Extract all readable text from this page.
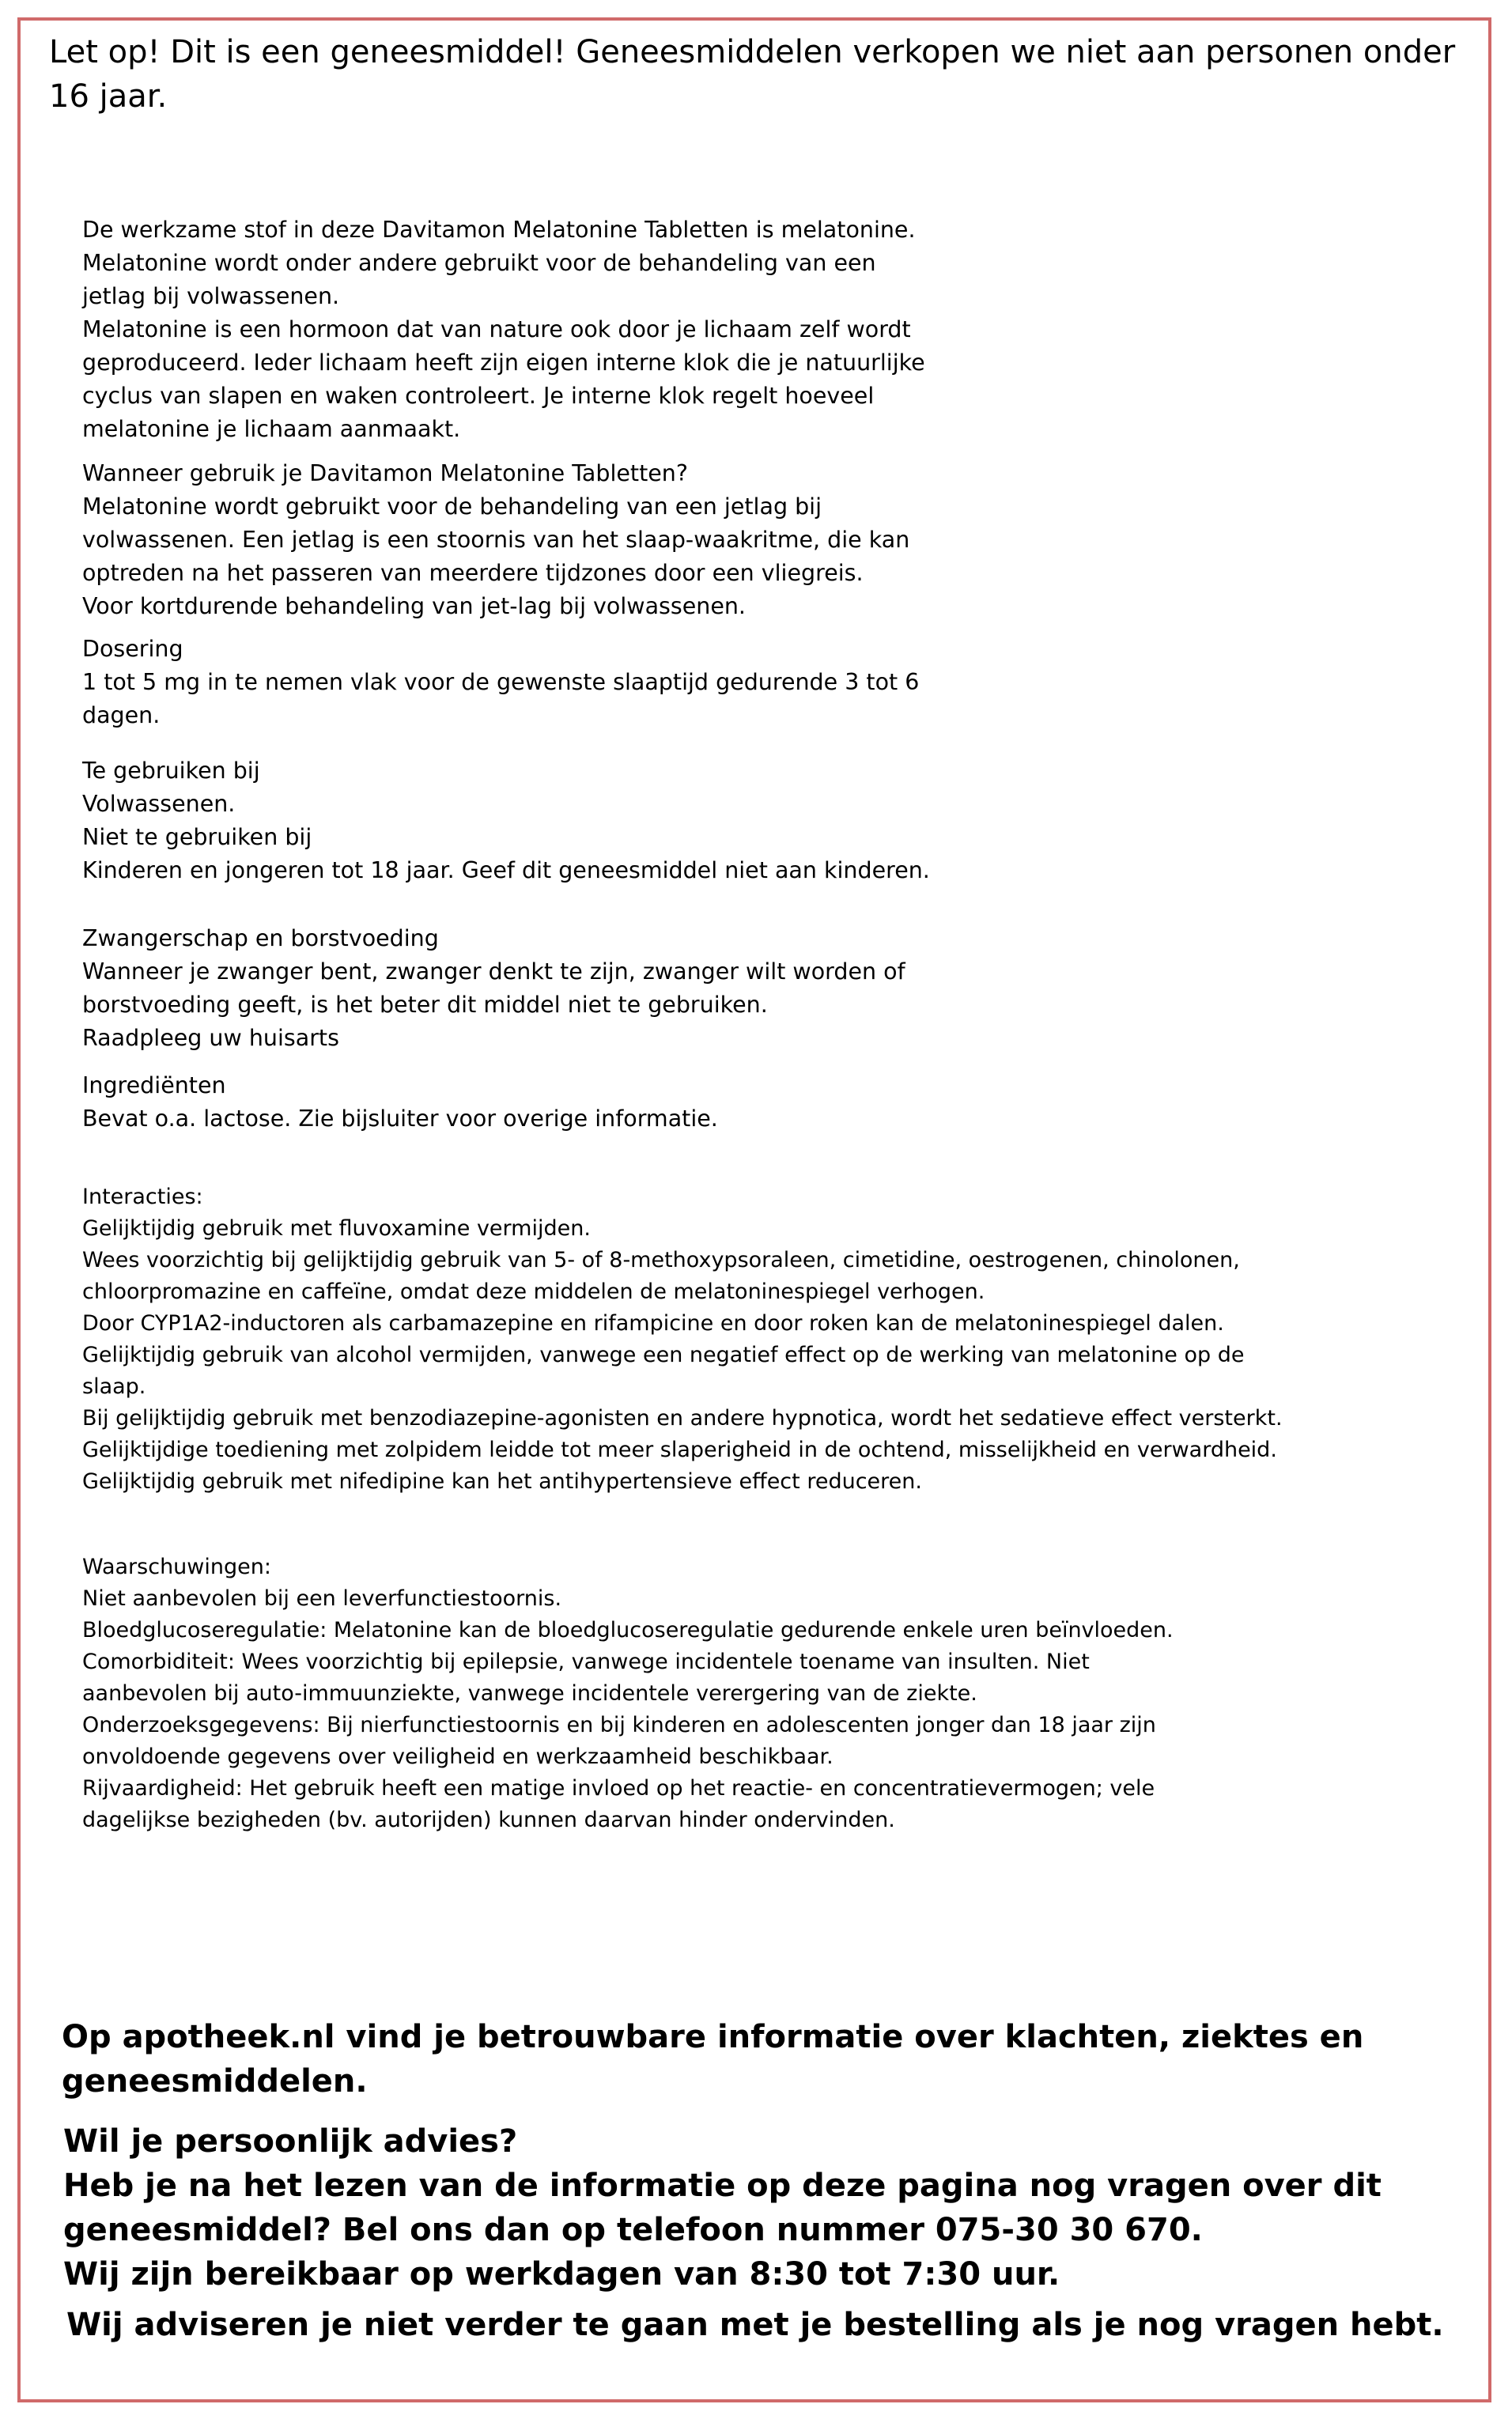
Let op! Dit is een geneesmiddel! Geneesmiddelen verkopen we niet aan personen onder 16 jaar.

De werkzame stof in deze Davitamon Melatonine Tabletten is melatonine.
Melatonine wordt onder andere gebruikt voor de behandeling van een
jetlag bij volwassenen.
Melatonine is een hormoon dat van nature ook door je lichaam zelf wordt
geproduceerd. Ieder lichaam heeft zijn eigen interne klok die je natuurlijke
cyclus van slapen en waken controleert. Je interne klok regelt hoeveel
melatonine je lichaam aanmaakt.

Wanneer gebruik je Davitamon Melatonine Tabletten?
Melatonine wordt gebruikt voor de behandeling van een jetlag bij
volwassenen. Een jetlag is een stoornis van het slaap-waakritme, die kan
optreden na het passeren van meerdere tijdzones door een vliegreis.
Voor kortdurende behandeling van jet-lag bij volwassenen.

Dosering
1 tot 5 mg in te nemen vlak voor de gewenste slaaptijd gedurende 3 tot 6
dagen.

Te gebruiken bij
Volwassenen.
Niet te gebruiken bij
Kinderen en jongeren tot 18 jaar. Geef dit geneesmiddel niet aan kinderen.

Zwangerschap en borstvoeding
Wanneer je zwanger bent, zwanger denkt te zijn, zwanger wilt worden of
borstvoeding geeft, is het beter dit middel niet te gebruiken.
Raadpleeg uw huisarts

Ingrediënten
Bevat o.a. lactose. Zie bijsluiter voor overige informatie.

Interacties:
Gelijktijdig gebruik met fluvoxamine vermijden.
Wees voorzichtig bij gelijktijdig gebruik van 5- of 8-methoxypsoraleen, cimetidine, oestrogenen, chinolonen,
chloorpromazine en caffeïne, omdat deze middelen de melatoninespiegel verhogen.
Door CYP1A2-inductoren als carbamazepine en rifampicine en door roken kan de melatoninespiegel dalen.
Gelijktijdig gebruik van alcohol vermijden, vanwege een negatief effect op de werking van melatonine op de
slaap.
Bij gelijktijdig gebruik met benzodiazepine-agonisten en andere hypnotica, wordt het sedatieve effect versterkt.
Gelijktijdige toediening met zolpidem leidde tot meer slaperigheid in de ochtend, misselijkheid en verwardheid.
Gelijktijdig gebruik met nifedipine kan het antihypertensieve effect reduceren.

Waarschuwingen:
Niet aanbevolen bij een leverfunctiestoornis.
Bloedglucoseregulatie: Melatonine kan de bloedglucoseregulatie gedurende enkele uren beïnvloeden.
Comorbiditeit: Wees voorzichtig bij epilepsie, vanwege incidentele toename van insulten. Niet
aanbevolen bij auto-immuunziekte, vanwege incidentele verergering van de ziekte.
Onderzoeksgegevens: Bij nierfunctiestoornis en bij kinderen en adolescenten jonger dan 18 jaar zijn
onvoldoende gegevens over veiligheid en werkzaamheid beschikbaar.
Rijvaardigheid: Het gebruik heeft een matige invloed op het reactie- en concentratievermogen; vele
dagelijkse bezigheden (bv. autorijden) kunnen daarvan hinder ondervinden.

Op apotheek.nl vind je betrouwbare informatie over klachten, ziektes en
geneesmiddelen.

Wil je persoonlijk advies?
Heb je na het lezen van de informatie op deze pagina nog vragen over dit
geneesmiddel? Bel ons dan op telefoon nummer 075-30 30 670.
Wij zijn bereikbaar op werkdagen van 8:30 tot 7:30 uur.

Wij adviseren je niet verder te gaan met je bestelling als je nog vragen hebt.
